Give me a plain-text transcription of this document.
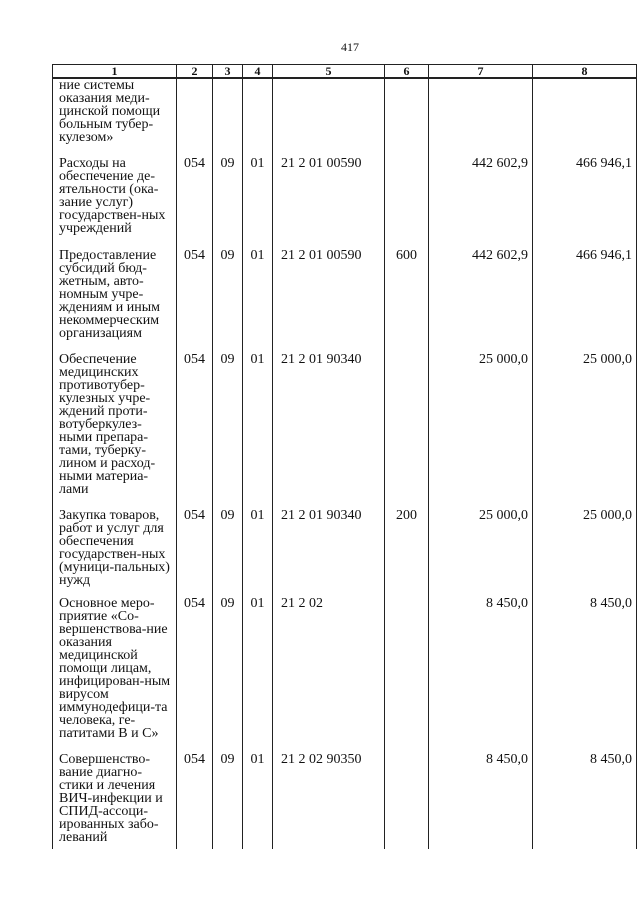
417
1	2	3	4	5	6	7	8
ние системы оказания меди-цинской помощи больным тубер-кулезом»							
Расходы на обеспечение де-ятельности (ока-зание услуг) государствен-ных учреждений	054	09	01	21 2 01 00590		442 602,9	466 946,1
Предоставление субсидий бюд-жетным, авто-номным учре-ждениям и иным некоммерческим организациям	054	09	01	21 2 01 00590	600	442 602,9	466 946,1
Обеспечение медицинских противотубер-кулезных учре-ждений проти-вотуберкулез-ными препара-тами, туберку-лином и расход-ными материа-лами	054	09	01	21 2 01 90340		25 000,0	25 000,0
Закупка товаров, работ и услуг для обеспечения государствен-ных (муници-пальных) нужд	054	09	01	21 2 01 90340	200	25 000,0	25 000,0
Основное меро-приятие «Со-вершенствова-ние оказания медицинской помощи лицам, инфицирован-ным вирусом иммунодефици-та человека, ге-патитами В и С»	054	09	01	21 2 02		8 450,0	8 450,0
Совершенство-вание диагно-стики и лечения ВИЧ-инфекции и СПИД-ассоци-ированных забо-леваний	054	09	01	21 2 02 90350		8 450,0	8 450,0
